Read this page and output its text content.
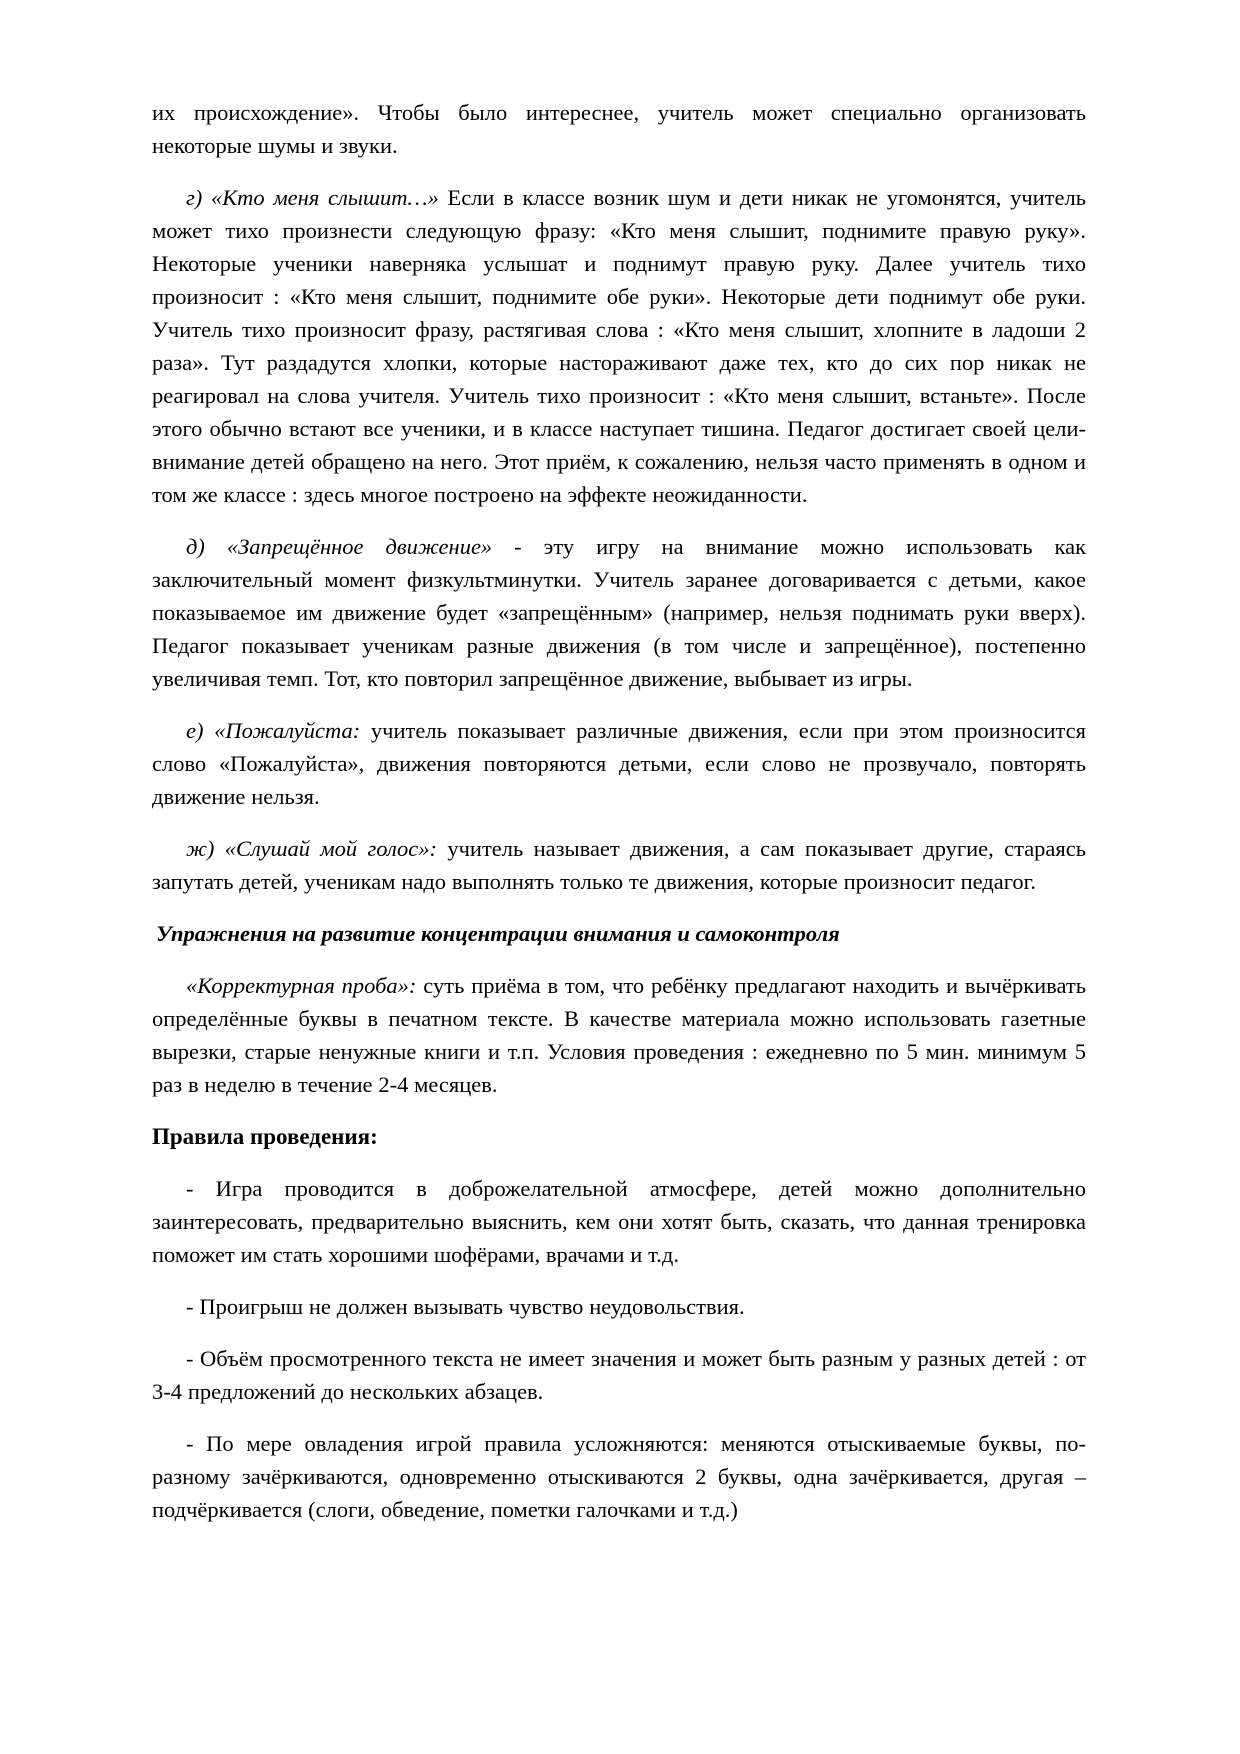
их происхождение». Чтобы было интереснее, учитель может специально организовать некоторые шумы и звуки.

г) «Кто меня слышит…» Если в классе возник шум и дети никак не угомонятся, учитель может тихо произнести следующую фразу: «Кто меня слышит, поднимите правую руку». Некоторые ученики наверняка услышат и поднимут правую руку. Далее учитель тихо произносит : «Кто меня слышит, поднимите обе руки». Некоторые дети поднимут обе руки. Учитель тихо произносит фразу, растягивая слова : «Кто меня слышит, хлопните в ладоши 2 раза». Тут раздадутся хлопки, которые настораживают даже тех, кто до сих пор никак не реагировал на слова учителя. Учитель тихо произносит : «Кто меня слышит, встаньте». После этого обычно встают все ученики, и в классе наступает тишина. Педагог достигает своей цели- внимание детей обращено на него. Этот приём, к сожалению, нельзя часто применять в одном и том же классе : здесь многое построено на эффекте неожиданности.

д) «Запрещённое движение» - эту игру на внимание можно использовать как заключительный момент физкультминутки. Учитель заранее договаривается с детьми, какое показываемое им движение будет «запрещённым» (например, нельзя поднимать руки вверх). Педагог показывает ученикам разные движения (в том числе и запрещённое), постепенно увеличивая темп. Тот, кто повторил запрещённое движение, выбывает из игры.

е) «Пожалуйста: учитель показывает различные движения, если при этом произносится слово «Пожалуйста», движения повторяются детьми, если слово не прозвучало, повторять движение нельзя.

ж) «Слушай мой голос»: учитель называет движения, а сам показывает другие, стараясь запутать детей, ученикам надо выполнять только те движения, которые произносит педагог.

Упражнения на развитие концентрации внимания и самоконтроля

«Корректурная проба»: суть приёма в том, что ребёнку предлагают находить и вычёркивать определённые буквы в печатном тексте. В качестве материала можно использовать газетные вырезки, старые ненужные книги и т.п. Условия проведения : ежедневно по 5 мин. минимум 5 раз в неделю в течение 2-4 месяцев.

Правила проведения:

- Игра проводится в доброжелательной атмосфере, детей можно дополнительно заинтересовать, предварительно выяснить, кем они хотят быть, сказать, что данная тренировка поможет им стать хорошими шофёрами, врачами и т.д.

- Проигрыш не должен вызывать чувство неудовольствия.

- Объём просмотренного текста не имеет значения и может быть разным у разных детей : от 3-4 предложений до нескольких абзацев.

- По мере овладения игрой правила усложняются: меняются отыскиваемые буквы, по-разному зачёркиваются, одновременно отыскиваются 2 буквы, одна зачёркивается, другая – подчёркивается (слоги, обведение, пометки галочками и т.д.)
